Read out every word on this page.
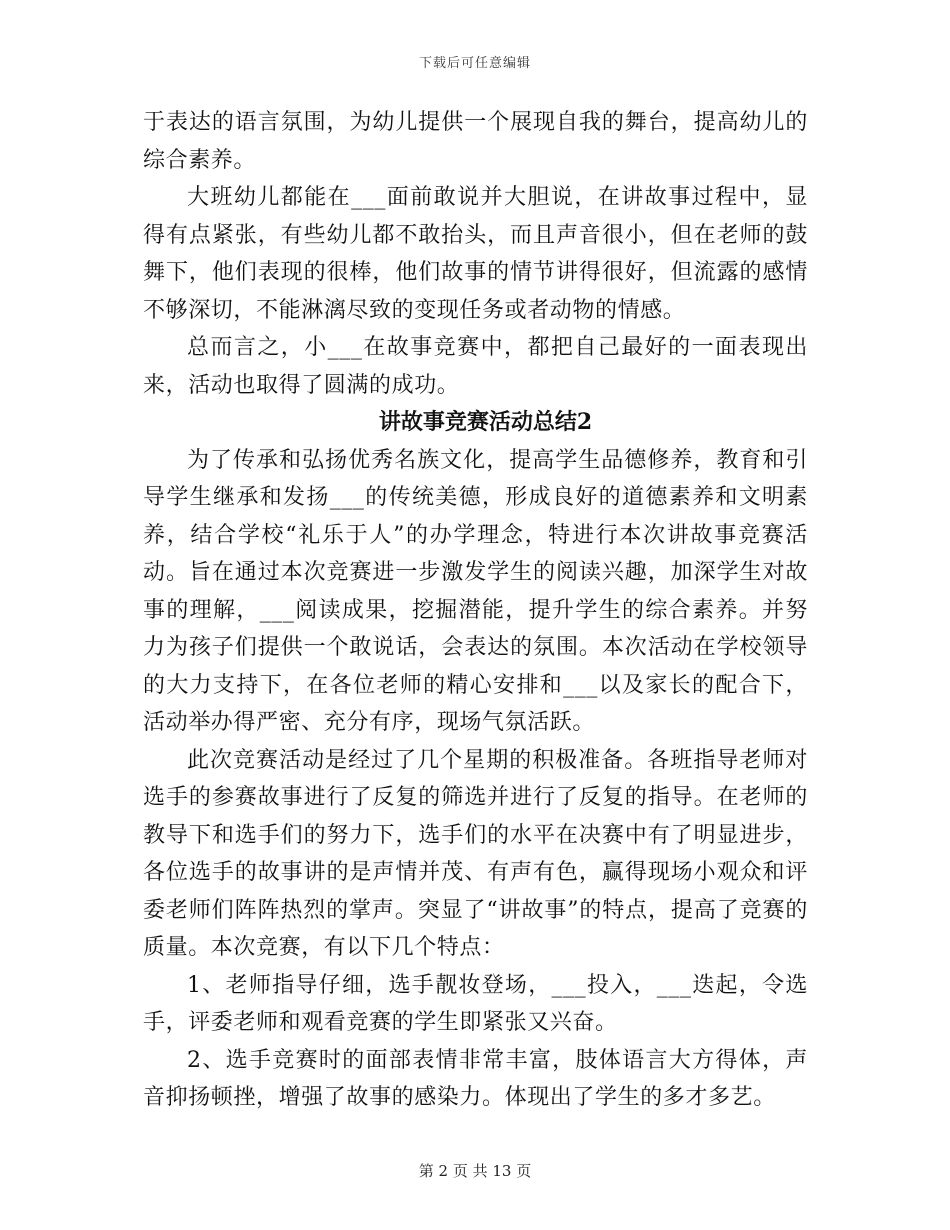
下载后可任意编辑

于表达的语言氛围，为幼儿提供一个展现自我的舞台，提高幼儿的综合素养。

大班幼儿都能在___面前敢说并大胆说，在讲故事过程中，显得有点紧张，有些幼儿都不敢抬头，而且声音很小，但在老师的鼓舞下，他们表现的很棒，他们故事的情节讲得很好，但流露的感情不够深切，不能淋漓尽致的变现任务或者动物的情感。

总而言之，小___在故事竞赛中，都把自己最好的一面表现出来，活动也取得了圆满的成功。

讲故事竞赛活动总结2

为了传承和弘扬优秀名族文化，提高学生品德修养，教育和引导学生继承和发扬___的传统美德，形成良好的道德素养和文明素养，结合学校“礼乐于人”的办学理念，特进行本次讲故事竞赛活动。旨在通过本次竞赛进一步激发学生的阅读兴趣，加深学生对故事的理解，___阅读成果，挖掘潜能，提升学生的综合素养。并努力为孩子们提供一个敢说话，会表达的氛围。本次活动在学校领导的大力支持下，在各位老师的精心安排和___以及家长的配合下，活动举办得严密、充分有序，现场气氛活跃。

此次竞赛活动是经过了几个星期的积极准备。各班指导老师对选手的参赛故事进行了反复的筛选并进行了反复的指导。在老师的教导下和选手们的努力下，选手们的水平在决赛中有了明显进步，各位选手的故事讲的是声情并茂、有声有色，赢得现场小观众和评委老师们阵阵热烈的掌声。突显了“讲故事”的特点，提高了竞赛的质量。本次竞赛，有以下几个特点：

1、老师指导仔细，选手靓妆登场，___投入，___迭起，令选手，评委老师和观看竞赛的学生即紧张又兴奋。

2、选手竞赛时的面部表情非常丰富，肢体语言大方得体，声音抑扬顿挫，增强了故事的感染力。体现出了学生的多才多艺。

第 2 页 共 13 页
